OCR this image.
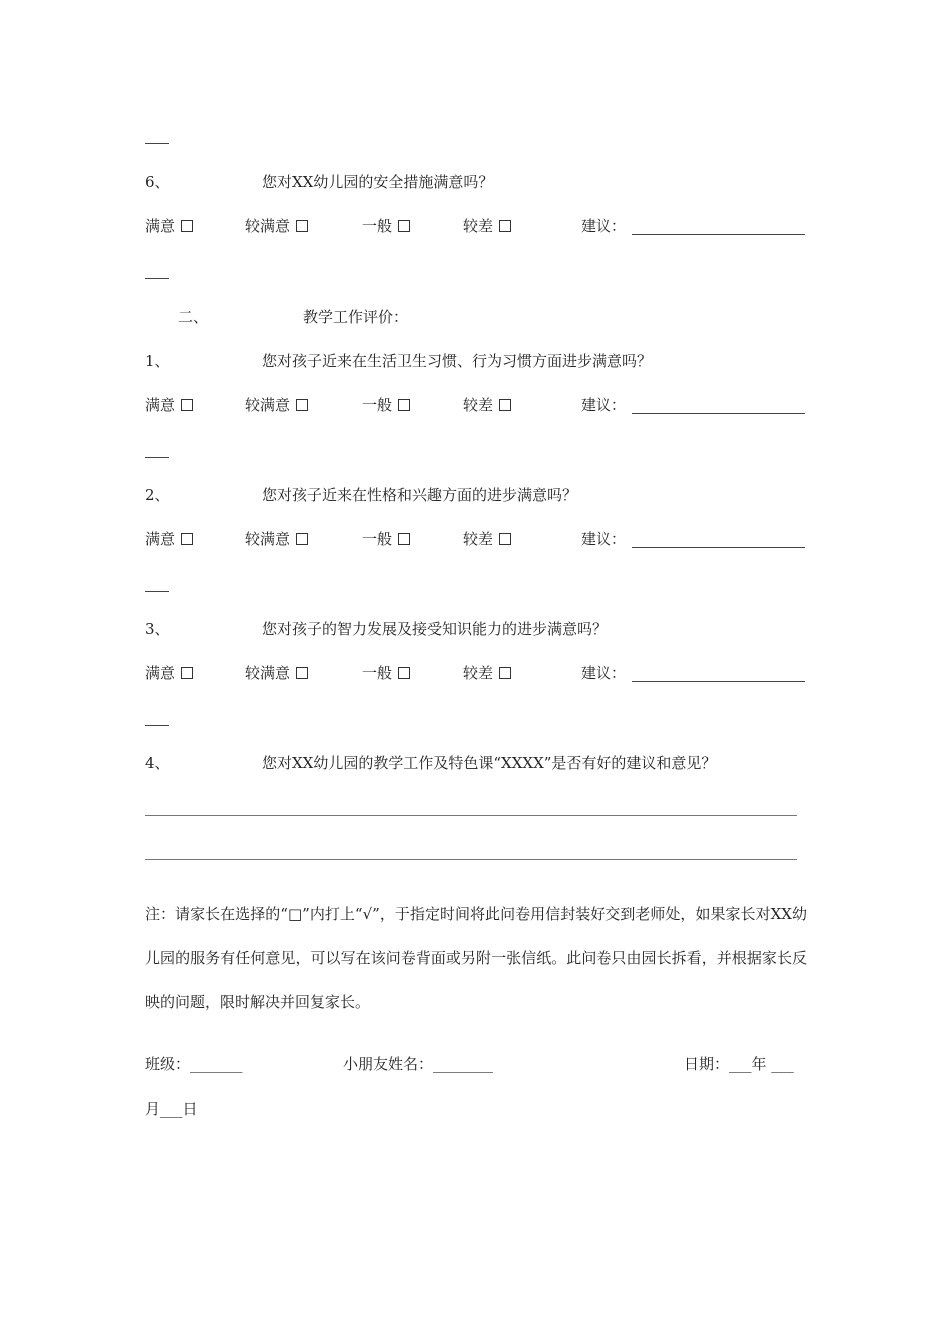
6、	您对XX幼儿园的安全措施满意吗？
满意	较满意	一般	较差	建议：
二、	教学工作评价：
1、	您对孩子近来在生活卫生习惯、行为习惯方面进步满意吗？
满意	较满意	一般	较差	建议：
2、	您对孩子近来在性格和兴趣方面的进步满意吗？
满意	较满意	一般	较差	建议：
3、	您对孩子的智力发展及接受知识能力的进步满意吗？
满意	较满意	一般	较差	建议：
4、	您对XX幼儿园的教学工作及特色课“XXXX”是否有好的建议和意见？
注：请家长在选择的“□”内打上“√”，于指定时间将此问卷用信封装好交到老师处，如果家长对XX幼儿园的服务有任何意见，可以写在该问卷背面或另附一张信纸。此问卷只由园长拆看，并根据家长反映的问题，限时解决并回复家长。
班级：_______	小朋友姓名：________	日期：___年 ___
月___日
